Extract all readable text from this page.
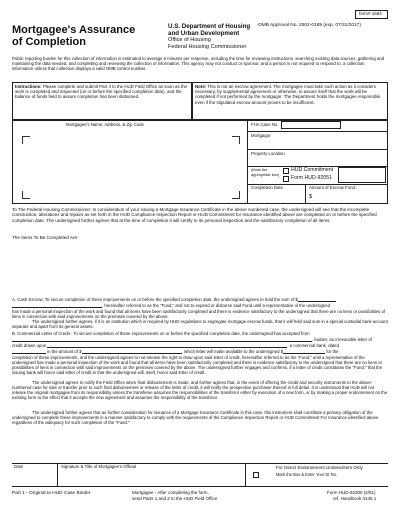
form# 1684
Mortgagee's Assurance
of Completion
U.S. Department of Housing
and Urban Development
Office of Housing
Federal Housing Commissioner
OMB Approval No. 2502-0189 (exp. 07/31/2017)
Public reporting burden for this collection of information is estimated to average 6 minutes per response, including the time for reviewing instructions, searching existing data sources, gathering and maintaining the data needed, and completing and reviewing the collection of information. This agency may not conduct or sponsor, and a person is not required to respond to, a collection information unless that collection displays a valid OMB control number.
Instructions: Please complete and submit Part 4 to the HUD Field Office as soon as the work is completed and inspected (on or before the specified completion date), and the balance of funds held to assure completion has been disbursed.
Note: This is not an escrow agreement. The mortgagee must take such action as it considers necessary, by supplemental agreement or otherwise, to assure itself that the work will be completed if not performed by the mortgagor. The Department holds the mortgagee responsible even if the stipulated escrow amount proves to be insufficient.
Mortgagee's Name, Address, & Zip Code	FHA Case No.
Mortgagor
Property Location
(Mark the appropriate box)
HUD Commitment
Form HUD-92051
Completion Date	Amount of Escrow Fund :
$
To The Federal Housing Commissioner: In consideration of your issuing a Mortgage Insurance Certificate in the above numbered case, the undersigned will see that the incomplete construction, alterations and repairs as set forth in the HUD Compliance Inspection Report or HUD Commitment for Insurance identified above are completed on or before the specified completion date. The undersigned further agrees that at the time of completion it will certify to its personal inspection and the satisfactory completion of all items.
The Items To Be Completed Are:
A. Cash Escrow: To secure completion of these improvements on or before the specified completion date, the undersigned agrees to hold the sum of $
, hereinafter referred to as the "Fund," and not to expend or disburse said Fund until a representative of the undersigned
has made a personal inspection of the work and found that all items have been satisfactorily completed and there is evidence satisfactory to the undersigned that there are no liens or possibilities of liens in connection with said improvements on the premises covered by the above.
The undersigned further agrees, if it is an institution which is required by HUD regulations to segregate mortgage escrow funds, that it will hold said sum in a special custodial bank account separate and apart from its general assets.
B. Commercial Letter of Credit : To secure completion of these improvements on or before the specified completion date, the undersigned has accepted from
, builder, an irrevocable letter of
credit drawn upon	, a commercial bank, dated
in the amount of $	, which letter will make available to the undersigned $	for the
completion of these improvements, and the undersigned agrees to not release the right to draw upon said letter of credit, hereinafter referred to as the "Fund," until a representative of the undersigned has made a personal inspection of the work and found that all items have been satisfactorily completed and there is evidence satisfactory to the undersigned that there are no liens or possibilities of liens in connection with said improvements on the premises covered by the above. The undersigned further engages and confirms, if a letter of credit constitutes the "Fund," that the issuing bank will honor said letter of credit in that the undersigned will, itself, honor said letter of credit.
The undersigned agrees to notify the Field Office when final disbursement is made, and further agrees that, in the event of offering the credit and security instruments to the above-numbered case for sale or transfer prior to such final disbursement or release of the letter of credit, it will notify the prospective purchaser thereof in full detail. It is understood that HUD will not release the original mortgagee from its responsibility unless the transferee assumes the responsibilities of the transferor either by execution of a new form, or by making a proper endorsement on the existing form to the effect that it accepts the new agreement and assumes the responsibility of the transferor.
The undersigned further agrees that as further consideration for issuance of a Mortgage Insurance Certificate in this case, this instrument shall constitute a primary obligation of the undersigned to complete these improvements in a manner satisfactory to comply with the requirements of the Compliance Inspection Report or HUD Commitment For Insurance identified above regardless of the adequacy for such completion of the "Fund."
Date	Signature & Title of Mortgagee's Official	For Direct Endorsement Underwriters Only
Mark the Box & Enter Your ID No.
Part 1 - Original to HUD Case Binder	Mortgagee - After completing the form,
send Parts 1 and 2 to the HUD Field Office
Form HUD-92300 (2/91)
ref. Handbook 4145.1
